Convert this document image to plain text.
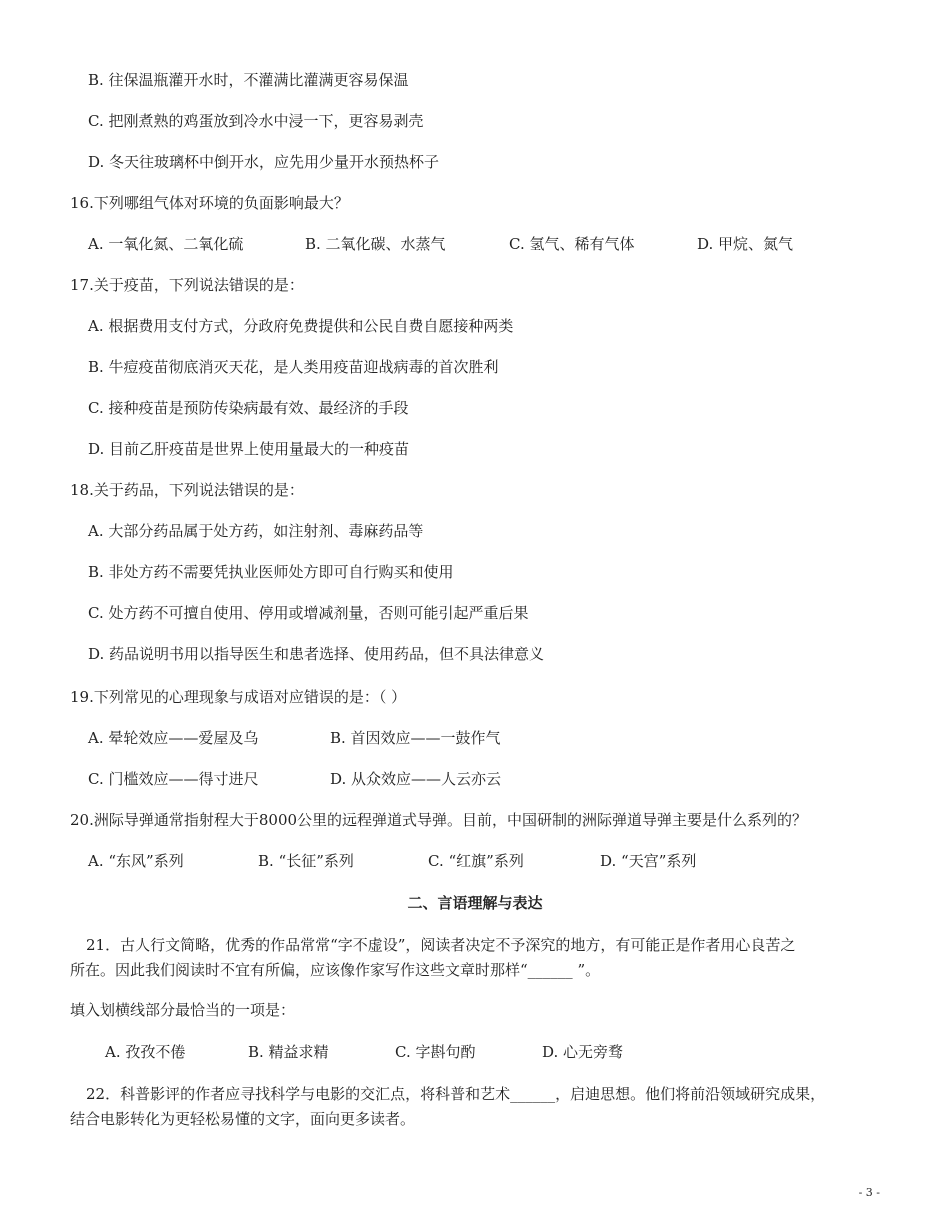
B. 往保温瓶灌开水时，不灌满比灌满更容易保温
C. 把刚煮熟的鸡蛋放到冷水中浸一下，更容易剥壳
D. 冬天往玻璃杯中倒开水，应先用少量开水预热杯子
16.下列哪组气体对环境的负面影响最大？
A. 一氧化氮、二氧化硫	B. 二氧化碳、水蒸气	C. 氢气、稀有气体	D. 甲烷、氮气
17.关于疫苗，下列说法错误的是：
A. 根据费用支付方式，分政府免费提供和公民自费自愿接种两类
B. 牛痘疫苗彻底消灭天花，是人类用疫苗迎战病毒的首次胜利
C. 接种疫苗是预防传染病最有效、最经济的手段
D. 目前乙肝疫苗是世界上使用量最大的一种疫苗
18.关于药品，下列说法错误的是：
A. 大部分药品属于处方药，如注射剂、毒麻药品等
B. 非处方药不需要凭执业医师处方即可自行购买和使用
C. 处方药不可擅自使用、停用或增减剂量，否则可能引起严重后果
D. 药品说明书用以指导医生和患者选择、使用药品，但不具法律意义
19.下列常见的心理现象与成语对应错误的是：（ ）
A. 晕轮效应——爱屋及乌	B. 首因效应——一鼓作气
C. 门槛效应——得寸进尺	D. 从众效应——人云亦云
20.洲际导弹通常指射程大于8000公里的远程弹道式导弹。目前，中国研制的洲际弹道导弹主要是什么系列的？
A. “东风”系列	B. “长征”系列	C. “红旗”系列	D. “天宫”系列
二、言语理解与表达
21．古人行文简略，优秀的作品常常“字不虚设”，阅读者决定不予深究的地方，有可能正是作者用心良苦之
所在。因此我们阅读时不宜有所偏，应该像作家写作这些文章时那样“______ ”。
填入划横线部分最恰当的一项是：
A. 孜孜不倦	B. 精益求精	C. 字斟句酌	D. 心无旁骛
22．科普影评的作者应寻找科学与电影的交汇点，将科普和艺术______，启迪思想。他们将前沿领域研究成果，
结合电影转化为更轻松易懂的文字，面向更多读者。
- 3 -
